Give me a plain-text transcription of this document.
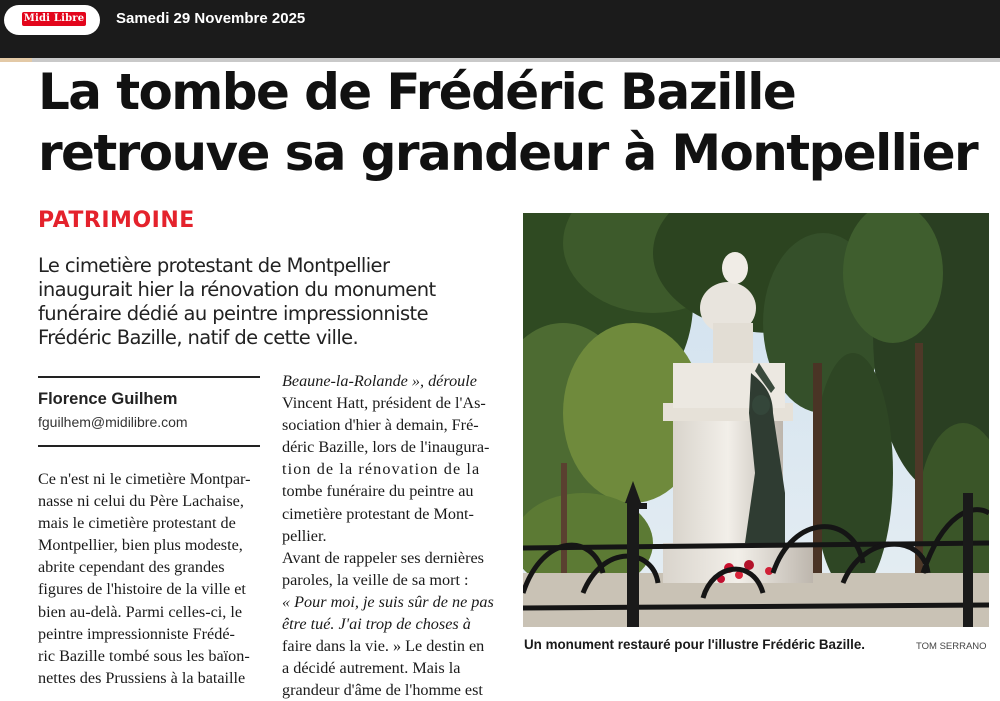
Midi Libre Samedi 29 Novembre 2025
La tombe de Frédéric Bazille
retrouve sa grandeur à Montpellier
PATRIMOINE
Le cimetière protestant de Montpellier
inaugurait hier la rénovation du monument
funéraire dédié au peintre impressionniste
Frédéric Bazille, natif de cette ville.
Florence Guilhem
fguilhem@midilibre.com
Ce n'est ni le cimetière Montpar-
nasse ni celui du Père Lachaise,
mais le cimetière protestant de
Montpellier, bien plus modeste,
abrite cependant des grandes
figures de l'histoire de la ville et
bien au-delà. Parmi celles-ci, le
peintre impressionniste Frédé-
ric Bazille tombé sous les baïon-
nettes des Prussiens à la bataille
Beaune-la-Rolande », déroule
Vincent Hatt, président de l'As-
sociation d'hier à demain, Fré-
déric Bazille, lors de l'inaugura-
tion de la rénovation de la
tombe funéraire du peintre au
cimetière protestant de Mont-
pellier.
Avant de rappeler ses dernières
paroles, la veille de sa mort :
« Pour moi, je suis sûr de ne pas
être tué. J'ai trop de choses à
faire dans la vie. » Le destin en
a décidé autrement. Mais la
grandeur d'âme de l'homme est
Un monument restauré pour l'illustre Frédéric Bazille.	TOM SERRANO
